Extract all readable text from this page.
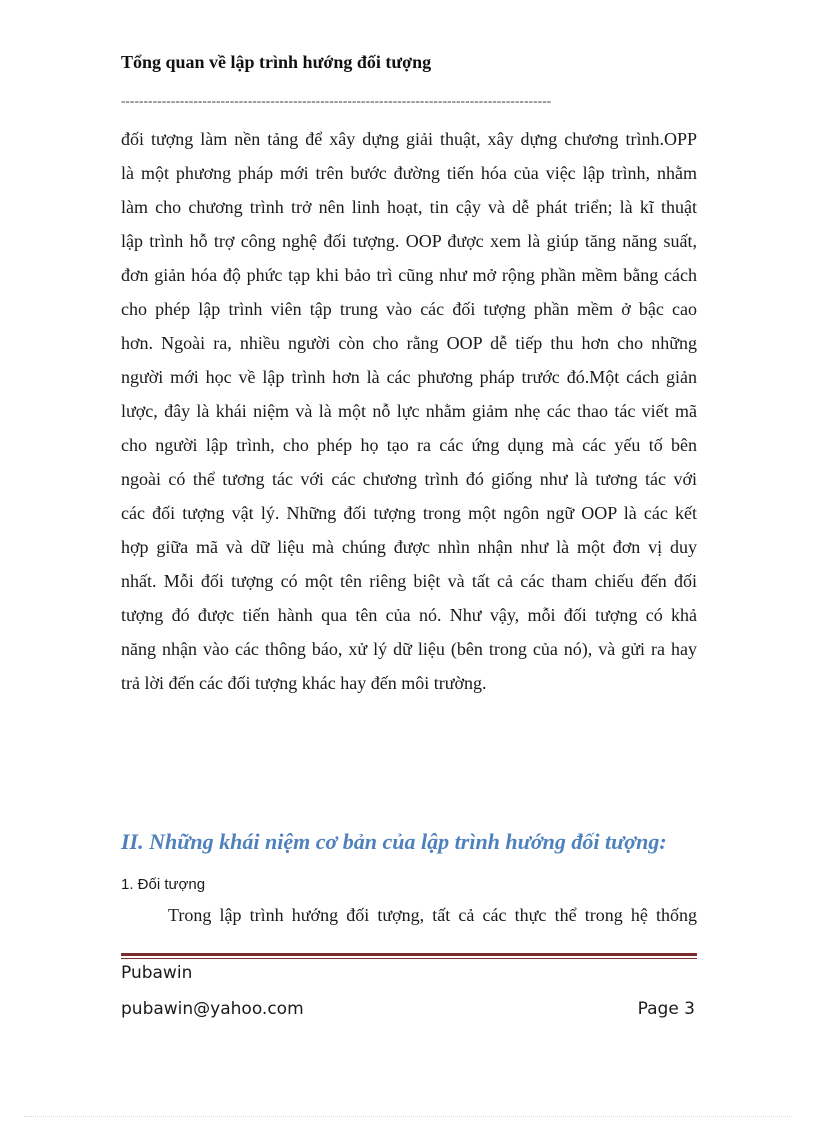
Tổng quan về lập trình hướng đối tượng
-----------------------------------------------------------------------------------------------
đối tượng làm nền tảng để xây dựng giải thuật, xây dựng chương trình.OPP
là một phương pháp mới trên bước đường tiến hóa của việc lập trình, nhằm
làm cho chương trình trở nên linh hoạt, tin cậy và dễ phát triển; là kĩ thuật
lập trình hỗ trợ công nghệ đối tượng. OOP được xem là giúp tăng năng suất,
đơn giản hóa độ phức tạp khi bảo trì cũng như mở rộng phần mềm bằng cách
cho phép lập trình viên tập trung vào các đối tượng phần mềm ở bậc cao
hơn. Ngoài ra, nhiều người còn cho rằng OOP dễ tiếp thu hơn cho những
người mới học về lập trình hơn là các phương pháp trước đó.Một cách giản
lược, đây là khái niệm và là một nỗ lực nhằm giảm nhẹ các thao tác viết mã
cho người lập trình, cho phép họ tạo ra các ứng dụng mà các yếu tố bên
ngoài có thể tương tác với các chương trình đó giống như là tương tác với
các đối tượng vật lý. Những đối tượng trong một ngôn ngữ OOP là các kết
hợp giữa mã và dữ liệu mà chúng được nhìn nhận như là một đơn vị duy
nhất. Mỗi đối tượng có một tên riêng biệt và tất cả các tham chiếu đến đối
tượng đó được tiến hành qua tên của nó. Như vậy, mỗi đối tượng có khả
năng nhận vào các thông báo, xử lý dữ liệu (bên trong của nó), và gửi ra hay
trả lời đến các đối tượng khác hay đến môi trường.
II. Những khái niệm cơ bản của lập trình hướng đối tượng:
1. Đối tượng
Trong lập trình hướng đối tượng, tất cả các thực thể trong hệ thống
Pubawin
pubawin@yahoo.com	Page 3
